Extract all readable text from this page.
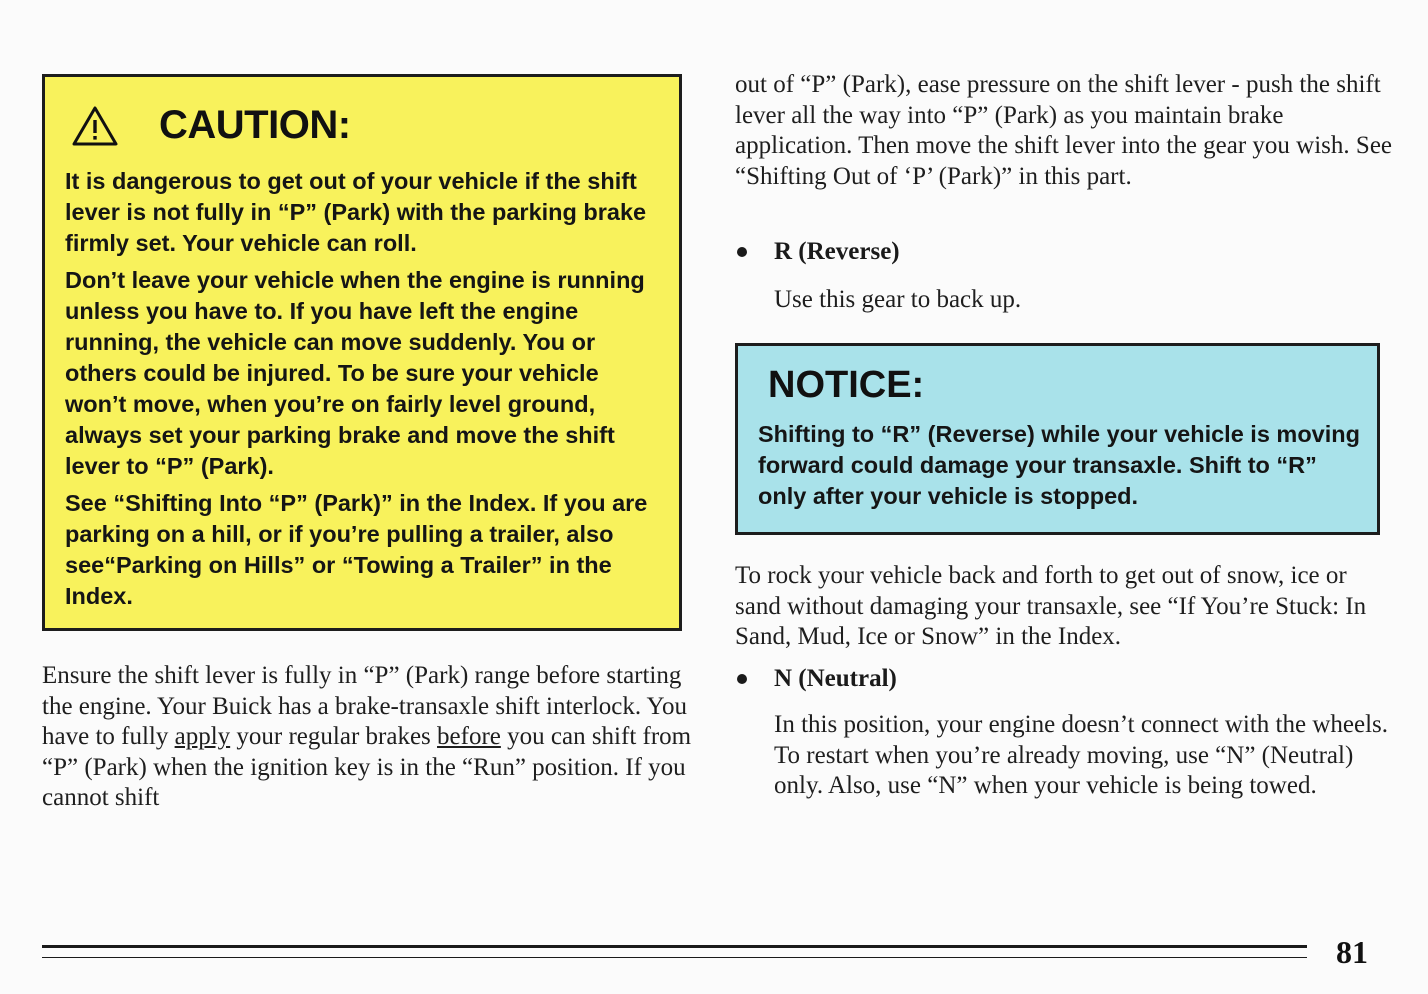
CAUTION:

It is dangerous to get out of your vehicle if the shift lever is not fully in “P” (Park) with the parking brake firmly set. Your vehicle can roll.

Don’t leave your vehicle when the engine is running unless you have to. If you have left the engine running, the vehicle can move suddenly. You or others could be injured. To be sure your vehicle won’t move, when you’re on fairly level ground, always set your parking brake and move the shift lever to “P” (Park).

See “Shifting Into “P” (Park)” in the Index. If you are parking on a hill, or if you’re pulling a trailer, also see“Parking on Hills” or “Towing a Trailer” in the Index.

Ensure the shift lever is fully in “P” (Park) range before starting the engine. Your Buick has a brake-transaxle shift interlock. You have to fully apply your regular brakes before you can shift from “P” (Park) when the ignition key is in the “Run” position. If you cannot shift
out of “P” (Park), ease pressure on the shift lever - push the shift lever all the way into “P” (Park) as you maintain brake application. Then move the shift lever into the gear you wish. See “Shifting Out of ‘P’ (Park)” in this part.
R (Reverse)
Use this gear to back up.
NOTICE:
Shifting to “R” (Reverse) while your vehicle is moving forward could damage your transaxle. Shift to “R” only after your vehicle is stopped.
To rock your vehicle back and forth to get out of snow, ice or sand without damaging your transaxle, see “If You’re Stuck: In Sand, Mud, Ice or Snow” in the Index.
N (Neutral)
In this position, your engine doesn’t connect with the wheels. To restart when you’re already moving, use “N” (Neutral) only. Also, use “N” when your vehicle is being towed.
81
